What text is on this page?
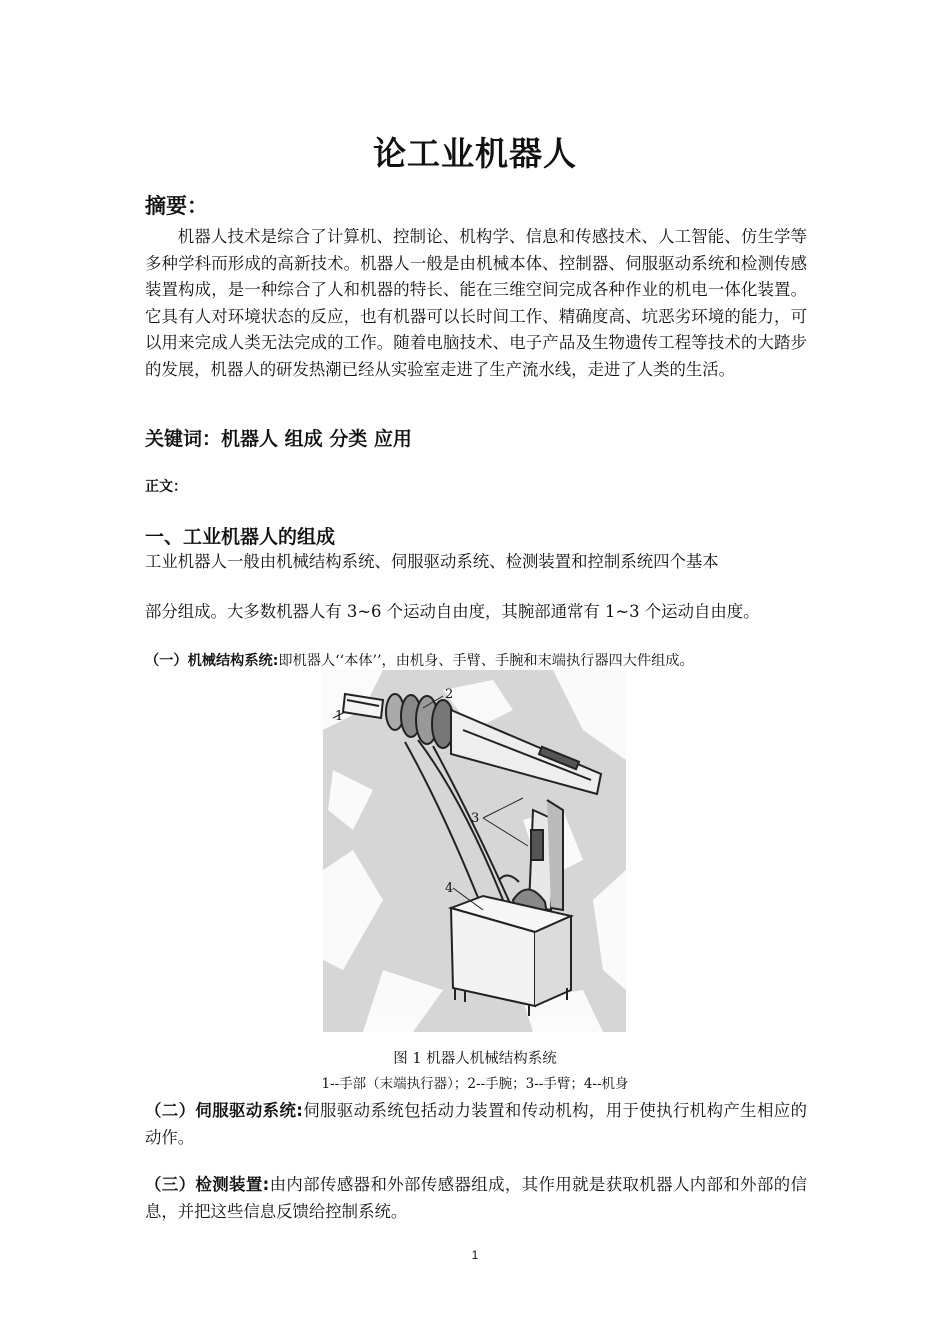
论工业机器人
摘要：

机器人技术是综合了计算机、控制论、机构学、信息和传感技术、人工智能、仿生学等多种学科而形成的高新技术。机器人一般是由机械本体、控制器、伺服驱动系统和检测传感装置构成，是一种综合了人和机器的特长、能在三维空间完成各种作业的机电一体化装置。它具有人对环境状态的反应，也有机器可以长时间工作、精确度高、坑恶劣环境的能力，可以用来完成人类无法完成的工作。随着电脑技术、电子产品及生物遗传工程等技术的大踏步的发展，机器人的研发热潮已经从实验室走进了生产流水线，走进了人类的生活。

关键词：机器人 组成 分类 应用
正文：
一、工业机器人的组成
工业机器人一般由机械结构系统、伺服驱动系统、检测装置和控制系统四个基本
部分组成。大多数机器人有 3~6 个运动自由度，其腕部通常有 1~3 个运动自由度。
（一）机械结构系统:即机器人‘‘本体’’，由机身、手臂、手腕和末端执行器四大件组成。
1
2
3
4
图 1 机器人机械结构系统
1--手部（末端执行器）；2--手腕；3--手臂；4--机身

（二）伺服驱动系统:伺服驱动系统包括动力装置和传动机构，用于使执行机构产生相应的动作。

（三）检测装置:由内部传感器和外部传感器组成，其作用就是获取机器人内部和外部的信息，并把这些信息反馈给控制系统。

1
